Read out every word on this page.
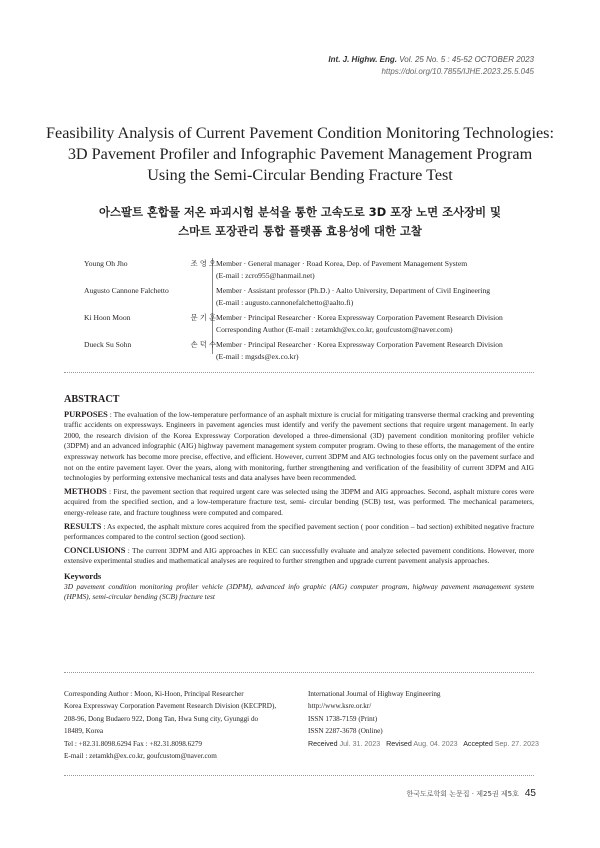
Int. J. Highw. Eng. Vol. 25 No. 5 : 45-52 OCTOBER 2023
https://doi.org/10.7855/IJHE.2023.25.5.045
Feasibility Analysis of Current Pavement Condition Monitoring Technologies:
3D Pavement Profiler and Infographic Pavement Management Program
Using the Semi-Circular Bending Fracture Test
아스팔트 혼합물 저온 파괴시험 분석을 통한 고속도로 3D 포장 노면 조사장비 및
스마트 포장관리 통합 플랫폼 효용성에 대한 고찰
Young Oh Jho	조 영 오 Member · General manager · Road Korea, Dep. of Pavement Management System
(E-mail : zcro955@hanmail.net)
Augusto Cannone Falchetto	Member · Assistant professor (Ph.D.) · Aalto University, Department of Civil Engineering
(E-mail : augusto.cannonefalchetto@aalto.fi)
Ki Hoon Moon	문 기 훈 Member · Principal Researcher · Korea Expressway Corporation Pavement Research Division
Corresponding Author (E-mail : zetamkh@ex.co.kr, goufcustom@naver.com)
Dueck Su Sohn	손 덕 수 Member · Principal Researcher · Korea Expressway Corporation Pavement Research Division
(E-mail : mgsds@ex.co.kr)
ABSTRACT

PURPOSES : The evaluation of the low-temperature performance of an asphalt mixture is crucial for mitigating transverse thermal cracking and preventing traffic accidents on expressways. Engineers in pavement agencies must identify and verify the pavement sections that require urgent management. In early 2000, the research division of the Korea Expressway Corporation developed a three-dimensional (3D) pavement condition monitoring profiler vehicle (3DPM) and an advanced infographic (AIG) highway pavement management system computer program. Owing to these efforts, the management of the entire expressway network has become more precise, effective, and efficient. However, current 3DPM and AIG technologies focus only on the pavement surface and not on the entire pavement layer. Over the years, along with monitoring, further strengthening and verification of the feasibility of current 3DPM and AIG technologies by performing extensive mechanical tests and data analyses have been recommended.

METHODS : First, the pavement section that required urgent care was selected using the 3DPM and AIG approaches. Second, asphalt mixture cores were acquired from the specified section, and a low-temperature fracture test, semi- circular bending (SCB) test, was performed. The mechanical parameters, energy-release rate, and fracture toughness were computed and compared.

RESULTS : As expected, the asphalt mixture cores acquired from the specified pavement section ( poor condition – bad section) exhibited negative fracture performances compared to the control section (good section).

CONCLUSIONS : The current 3DPM and AIG approaches in KEC can successfully evaluate and analyze selected pavement conditions. However, more extensive experimental studies and mathematical analyses are required to further strengthen and upgrade current pavement analysis approaches.

Keywords
3D pavement condition monitoring profiler vehicle (3DPM), advanced info graphic (AIG) computer program, highway pavement management system (HPMS), semi-circular bending (SCB) fracture test
Corresponding Author : Moon, Ki-Hoon, Principal Researcher
Korea Expressway Corporation Pavement Research Division (KECPRD),
208-96, Dong Budaero 922, Dong Tan, Hwa Sung city, Gyunggi do
18489, Korea
Tel : +82.31.8098.6294 Fax : +82.31.8098.6279
E-mail : zetamkh@ex.co.kr, goufcustom@naver.com
International Journal of Highway Engineering
http://www.ksre.or.kr/
ISSN 1738-7159 (Print)
ISSN 2287-3678 (Online)
Received Jul. 31. 2023 Revised Aug. 04. 2023 Accepted Sep. 27. 2023
한국도로학회 논문집 · 제25권 제5호 45
